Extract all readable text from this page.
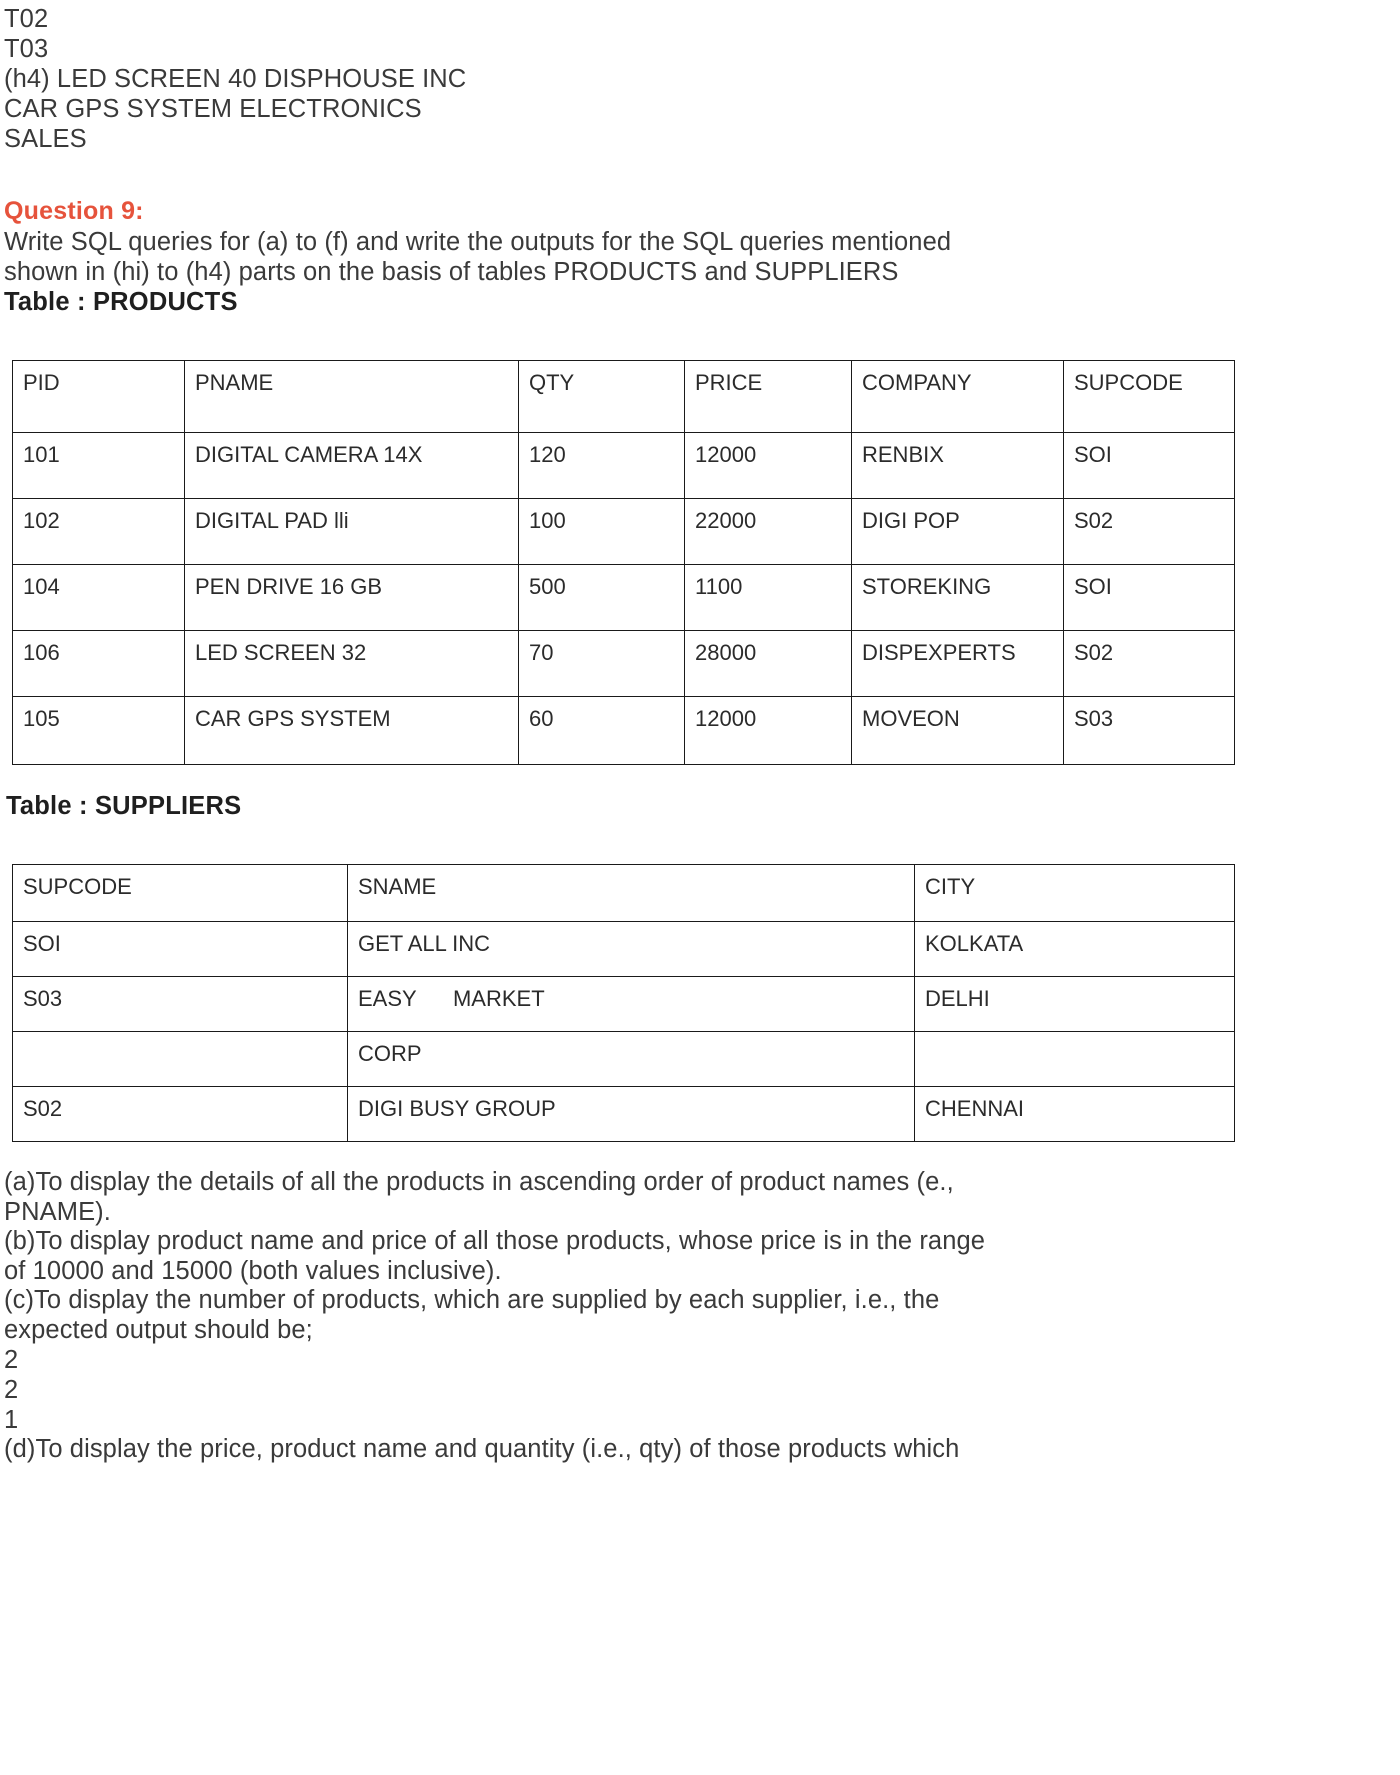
T02
T03
(h4) LED SCREEN 40 DISPHOUSE INC
CAR GPS SYSTEM ELECTRONICS
SALES
Question 9:
Write SQL queries for (a) to (f) and write the outputs for the SQL queries mentioned
shown in (hi) to (h4) parts on the basis of tables PRODUCTS and SUPPLIERS
Table : PRODUCTS
PID	PNAME	QTY	PRICE	COMPANY	SUPCODE
101	DIGITAL CAMERA 14X	120	12000	RENBIX	SOI
102	DIGITAL PAD lli	100	22000	DIGI POP	S02
104	PEN DRIVE 16 GB	500	1100	STOREKING	SOI
106	LED SCREEN 32	70	28000	DISPEXPERTS	S02
105	CAR GPS SYSTEM	60	12000	MOVEON	S03
Table : SUPPLIERS
SUPCODE	SNAME	CITY
SOI	GET ALL INC	KOLKATA
S03	EASY      MARKET	DELHI
	CORP	
S02	DIGI BUSY GROUP	CHENNAI
(a)To display the details of all the products in ascending order of product names (e.,
PNAME).
(b)To display product name and price of all those products, whose price is in the range
of 10000 and 15000 (both values inclusive).
(c)To display the number of products, which are supplied by each supplier, i.e., the
expected output should be;
2
2
1
(d)To display the price, product name and quantity (i.e., qty) of those products which
